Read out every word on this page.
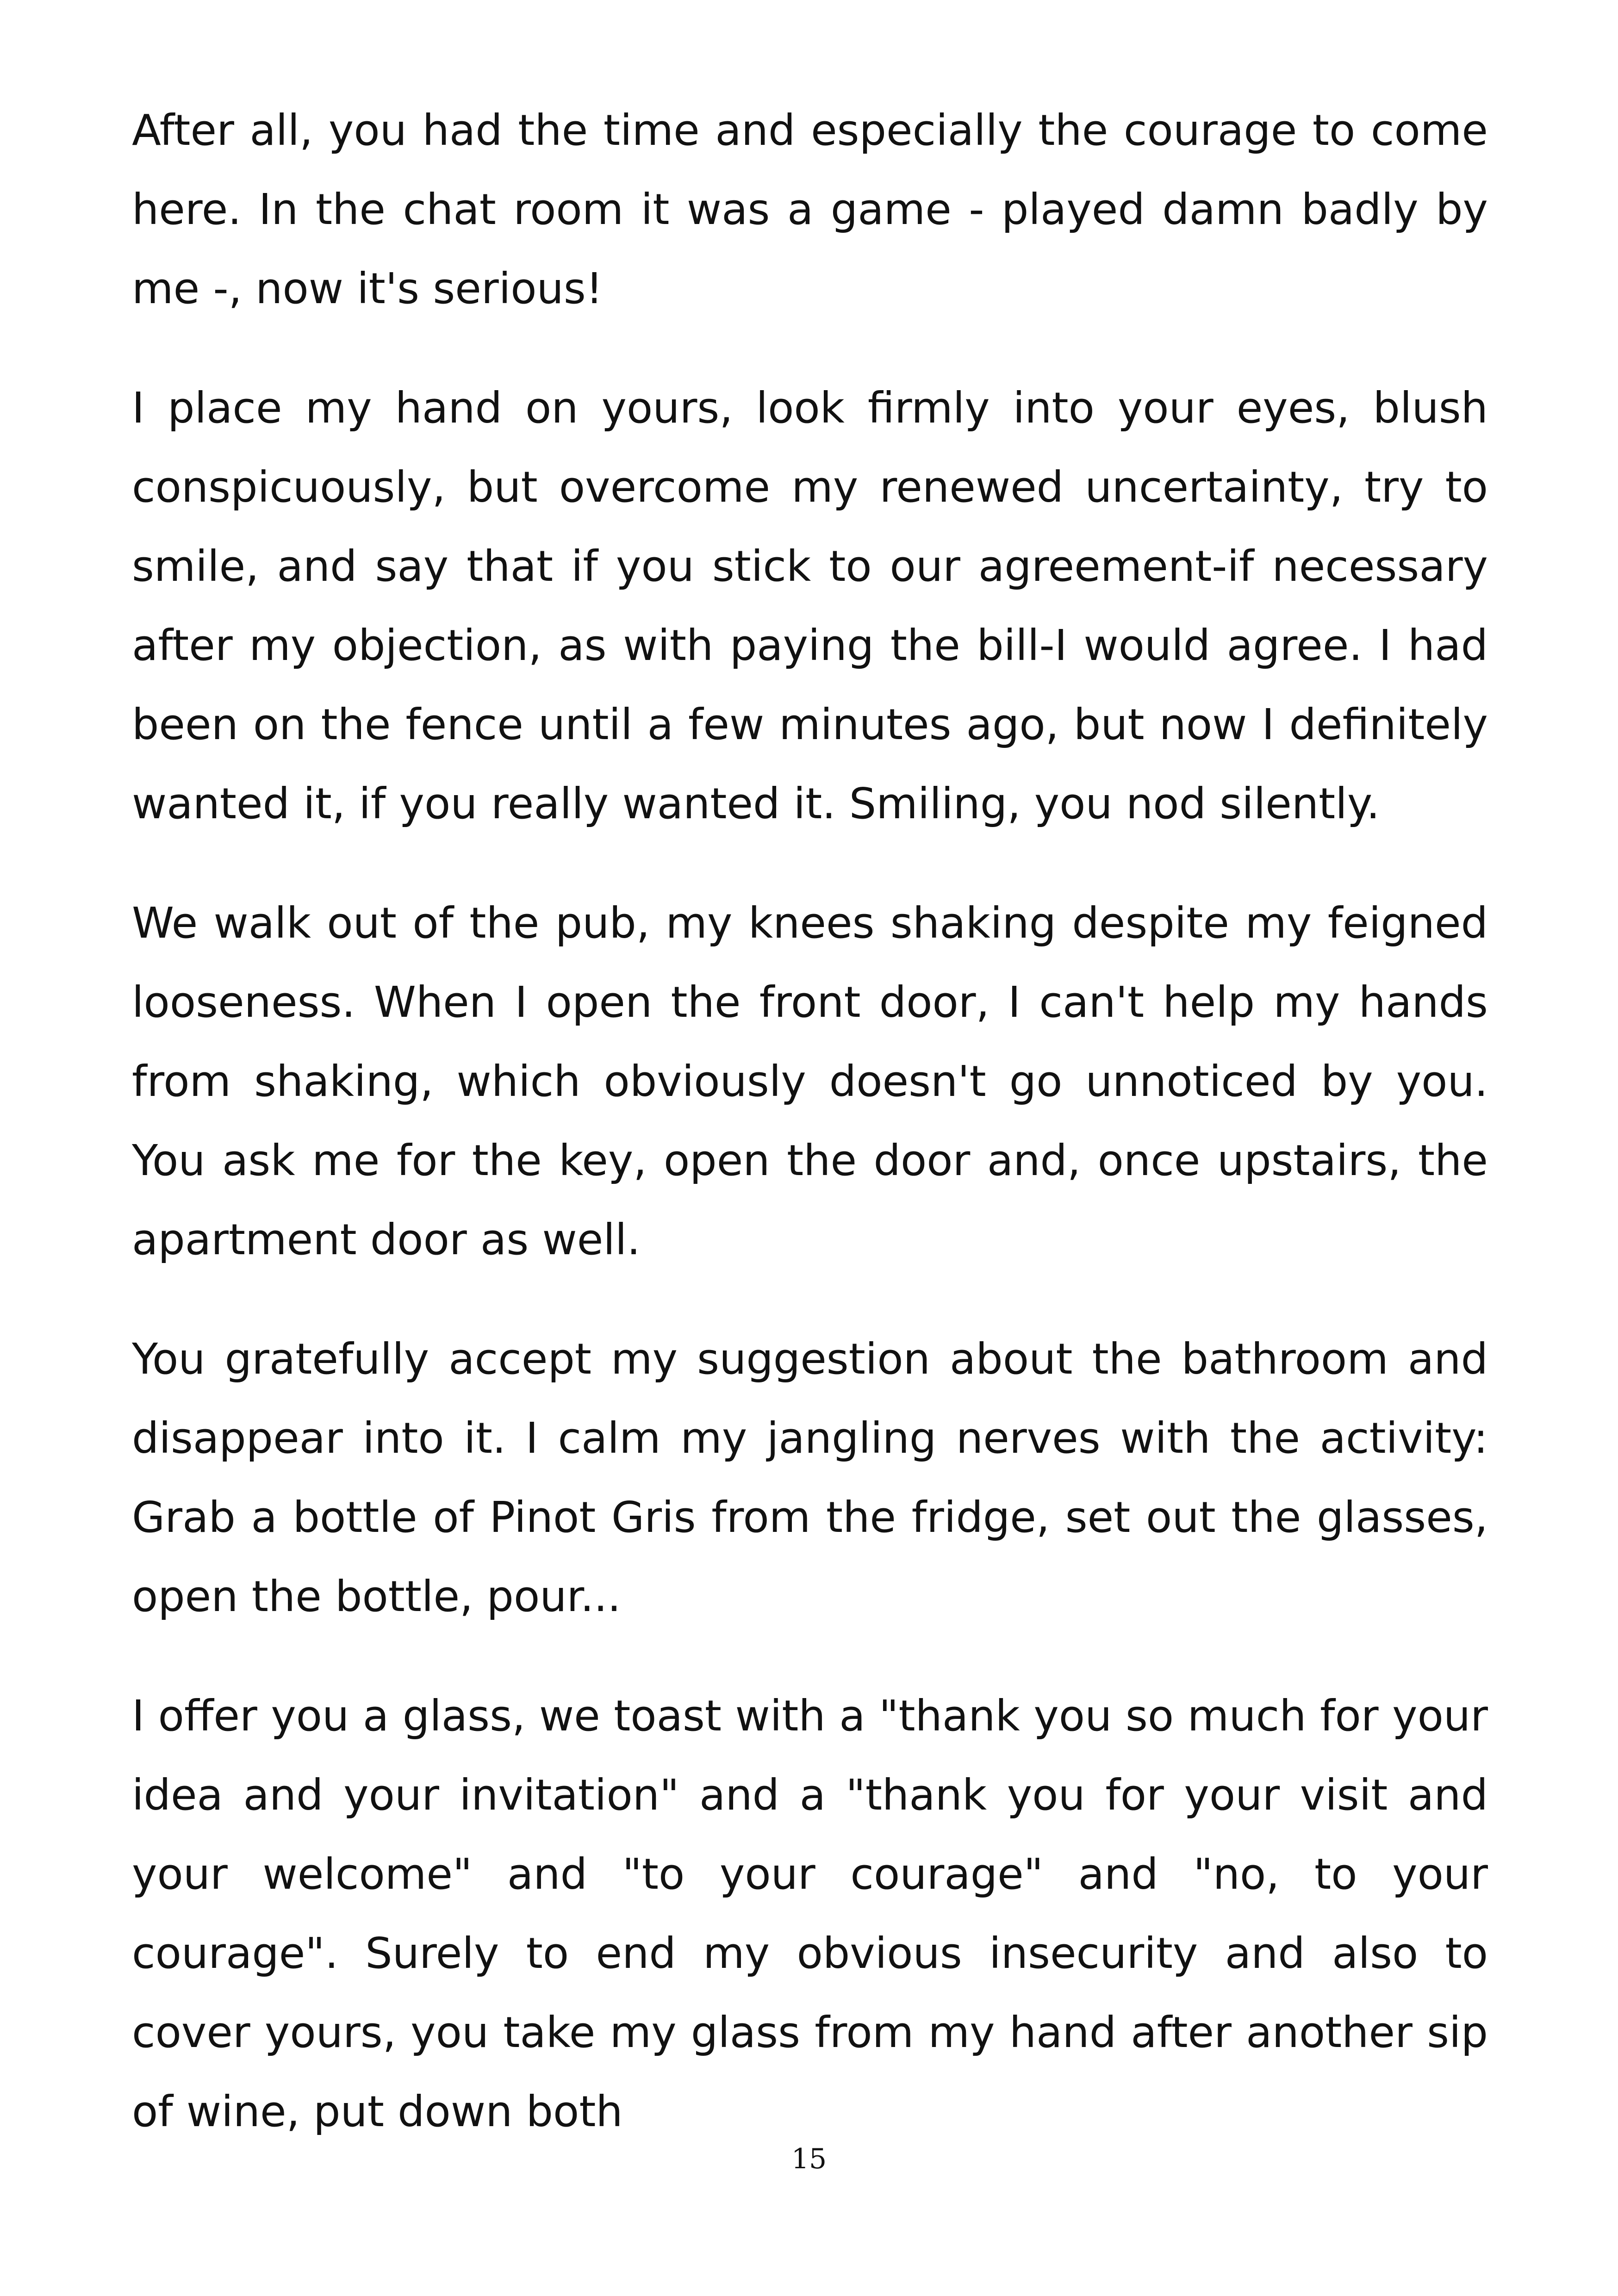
After all, you had the time and especially the courage to come here. In the chat room it was a game - played damn badly by me -, now it's serious!

I place my hand on yours, look firmly into your eyes, blush conspicuously, but overcome my renewed uncertainty, try to smile, and say that if you stick to our agreement-if necessary after my objection, as with paying the bill-I would agree. I had been on the fence until a few minutes ago, but now I definitely wanted it, if you really wanted it. Smiling, you nod silently.

We walk out of the pub, my knees shaking despite my feigned looseness. When I open the front door, I can't help my hands from shaking, which obviously doesn't go unnoticed by you. You ask me for the key, open the door and, once upstairs, the apartment door as well.

You gratefully accept my suggestion about the bathroom and disappear into it. I calm my jangling nerves with the activity: Grab a bottle of Pinot Gris from the fridge, set out the glasses, open the bottle, pour...

I offer you a glass, we toast with a "thank you so much for your idea and your invitation" and a "thank you for your visit and your welcome" and "to your courage" and "no, to your courage". Surely to end my obvious insecurity and also to cover yours, you take my glass from my hand after another sip of wine, put down both

15
